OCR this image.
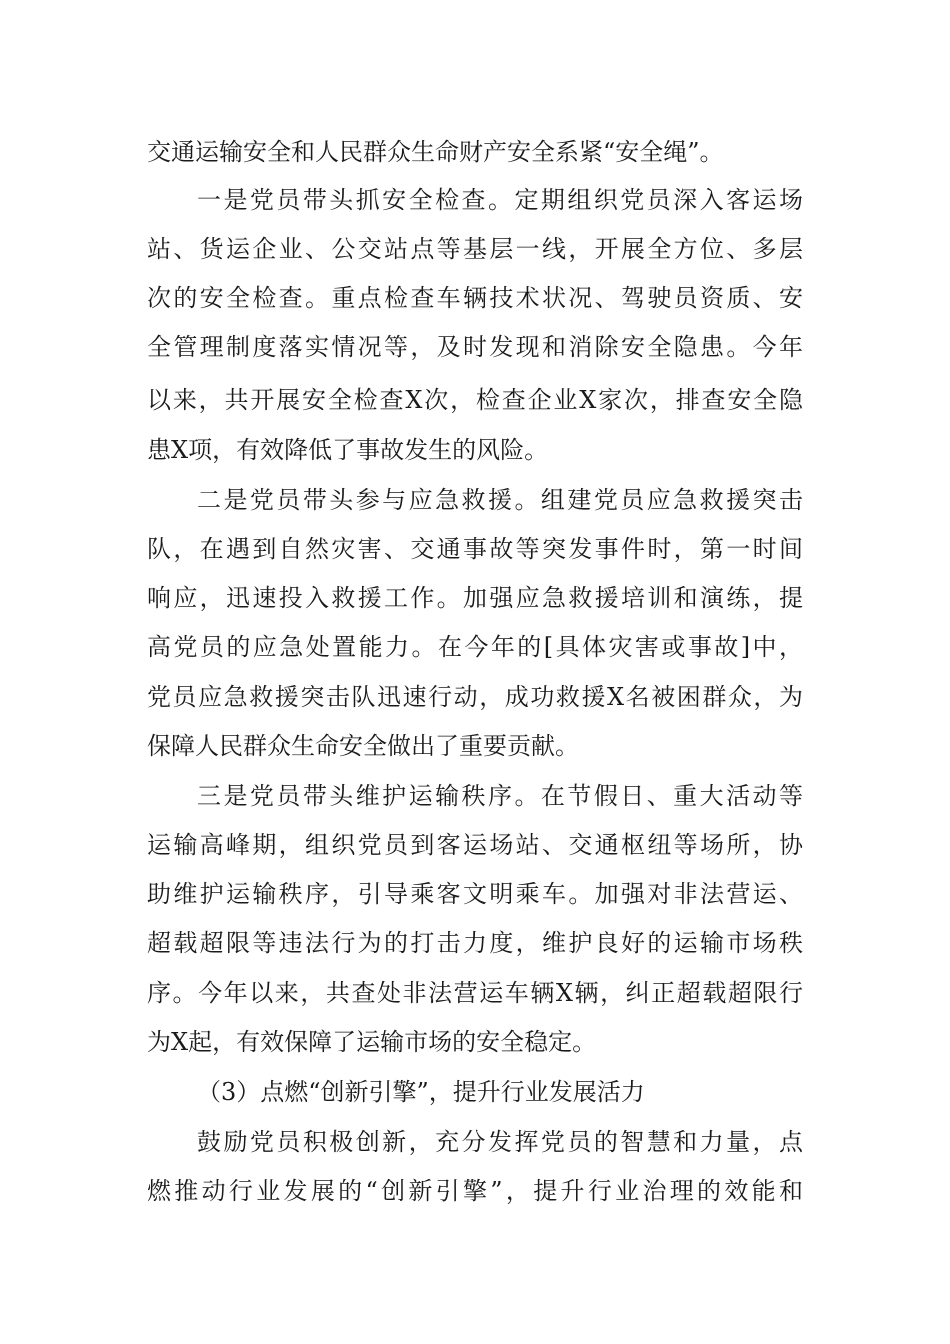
交通运输安全和人民群众生命财产安全系紧“安全绳”。
一是党员带头抓安全检查。定期组织党员深入客运场
站、货运企业、公交站点等基层一线，开展全方位、多层
次的安全检查。重点检查车辆技术状况、驾驶员资质、安
全管理制度落实情况等，及时发现和消除安全隐患。今年
以来，共开展安全检查X次，检查企业X家次，排查安全隐
患X项，有效降低了事故发生的风险。
二是党员带头参与应急救援。组建党员应急救援突击
队，在遇到自然灾害、交通事故等突发事件时，第一时间
响应，迅速投入救援工作。加强应急救援培训和演练，提
高党员的应急处置能力。在今年的[具体灾害或事故]中，
党员应急救援突击队迅速行动，成功救援X名被困群众，为
保障人民群众生命安全做出了重要贡献。
三是党员带头维护运输秩序。在节假日、重大活动等
运输高峰期，组织党员到客运场站、交通枢纽等场所，协
助维护运输秩序，引导乘客文明乘车。加强对非法营运、
超载超限等违法行为的打击力度，维护良好的运输市场秩
序。今年以来，共查处非法营运车辆X辆，纠正超载超限行
为X起，有效保障了运输市场的安全稳定。
（3）点燃“创新引擎”，提升行业发展活力
鼓励党员积极创新，充分发挥党员的智慧和力量，点
燃推动行业发展的“创新引擎”，提升行业治理的效能和
